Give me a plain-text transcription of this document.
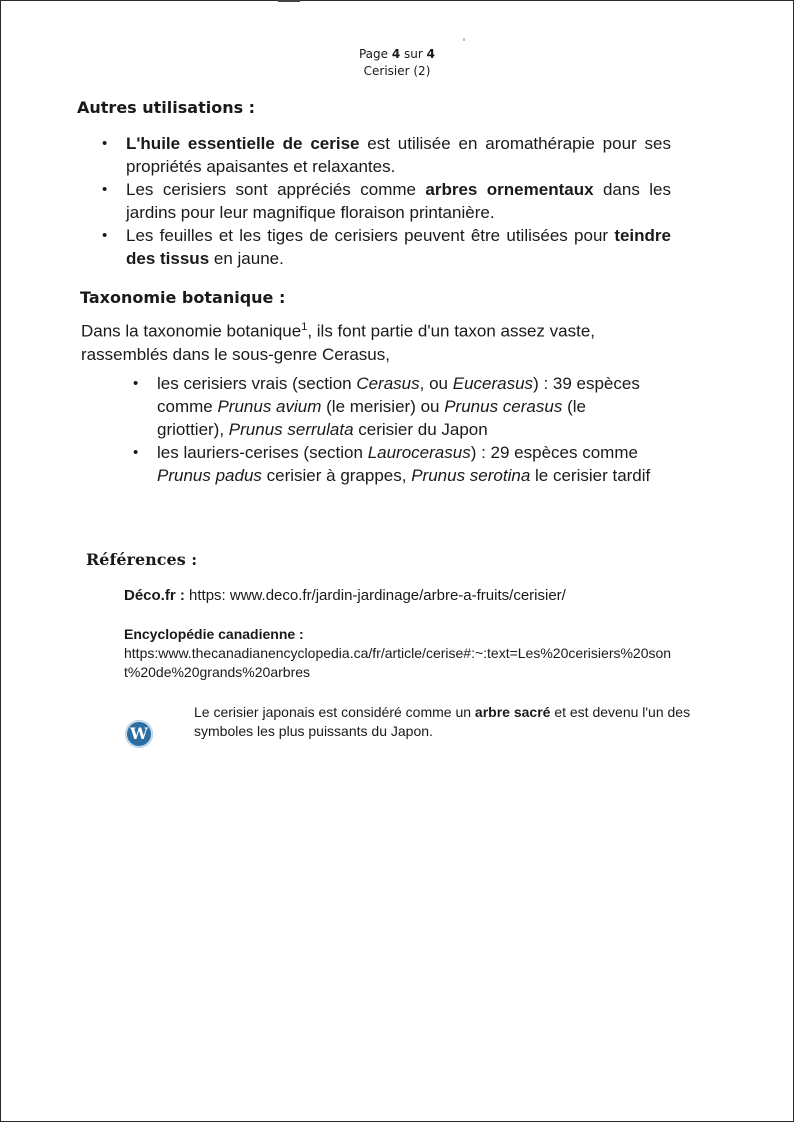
Page 4 sur 4
Cerisier (2)
Autres utilisations :
• L'huile essentielle de cerise est utilisée en aromathérapie pour ses propriétés apaisantes et relaxantes.
• Les cerisiers sont appréciés comme arbres ornementaux dans les jardins pour leur magnifique floraison printanière.
• Les feuilles et les tiges de cerisiers peuvent être utilisées pour teindre des tissus en jaune.
Taxonomie botanique :

Dans la taxonomie botanique$^1$, ils font partie d'un taxon assez vaste, rassemblés dans le sous-genre Cerasus,

• les cerisiers vrais (section Cerasus, ou Eucerasus) : 39 espèces comme Prunus avium (le merisier) ou Prunus cerasus (le griottier), Prunus serrulata cerisier du Japon
• les lauriers-cerises (section Laurocerasus) : 29 espèces comme Prunus padus cerisier à grappes, Prunus serotina le cerisier tardif
Références :

Déco.fr : https: www.deco.fr/jardin-jardinage/arbre-a-fruits/cerisier/

Encyclopédie canadienne :
https:www.thecanadianencyclopedia.ca/fr/article/cerise#:~:text=Les%20cerisiers%20sont%20de%20grands%20arbres

W

Le cerisier japonais est considéré comme un arbre sacré et est devenu l'un des symboles les plus puissants du Japon.
